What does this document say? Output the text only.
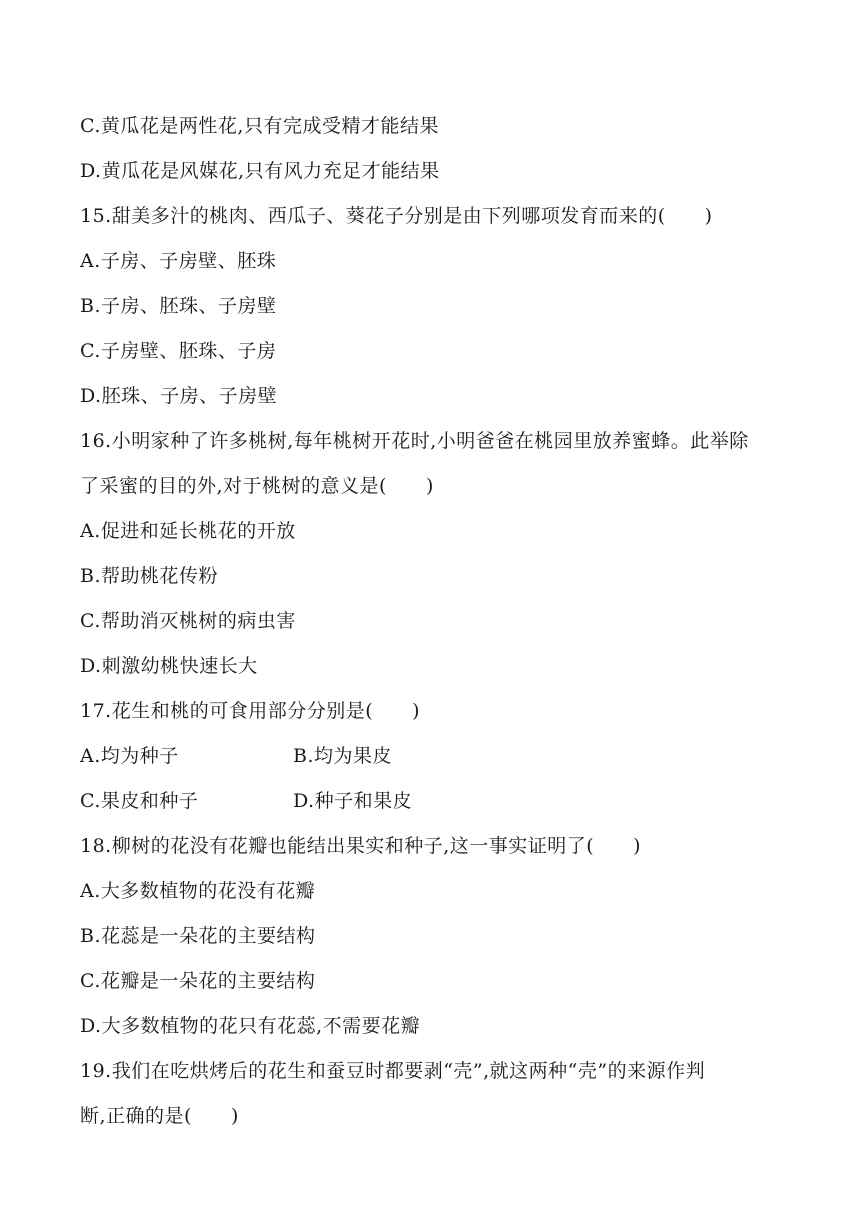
C.黄瓜花是两性花,只有完成受精才能结果
D.黄瓜花是风媒花,只有风力充足才能结果
15.甜美多汁的桃肉、西瓜子、葵花子分别是由下列哪项发育而来的(　　)
A.子房、子房壁、胚珠
B.子房、胚珠、子房壁
C.子房壁、胚珠、子房
D.胚珠、子房、子房壁
16.小明家种了许多桃树,每年桃树开花时,小明爸爸在桃园里放养蜜蜂。此举除
了采蜜的目的外,对于桃树的意义是(　　)
A.促进和延长桃花的开放
B.帮助桃花传粉
C.帮助消灭桃树的病虫害
D.刺激幼桃快速长大
17.花生和桃的可食用部分分别是(　　)
A.均为种子	B.均为果皮
C.果皮和种子	D.种子和果皮
18.柳树的花没有花瓣也能结出果实和种子,这一事实证明了(　　)
A.大多数植物的花没有花瓣
B.花蕊是一朵花的主要结构
C.花瓣是一朵花的主要结构
D.大多数植物的花只有花蕊,不需要花瓣
19.我们在吃烘烤后的花生和蚕豆时都要剥“壳”,就这两种“壳”的来源作判
断,正确的是(　　)
